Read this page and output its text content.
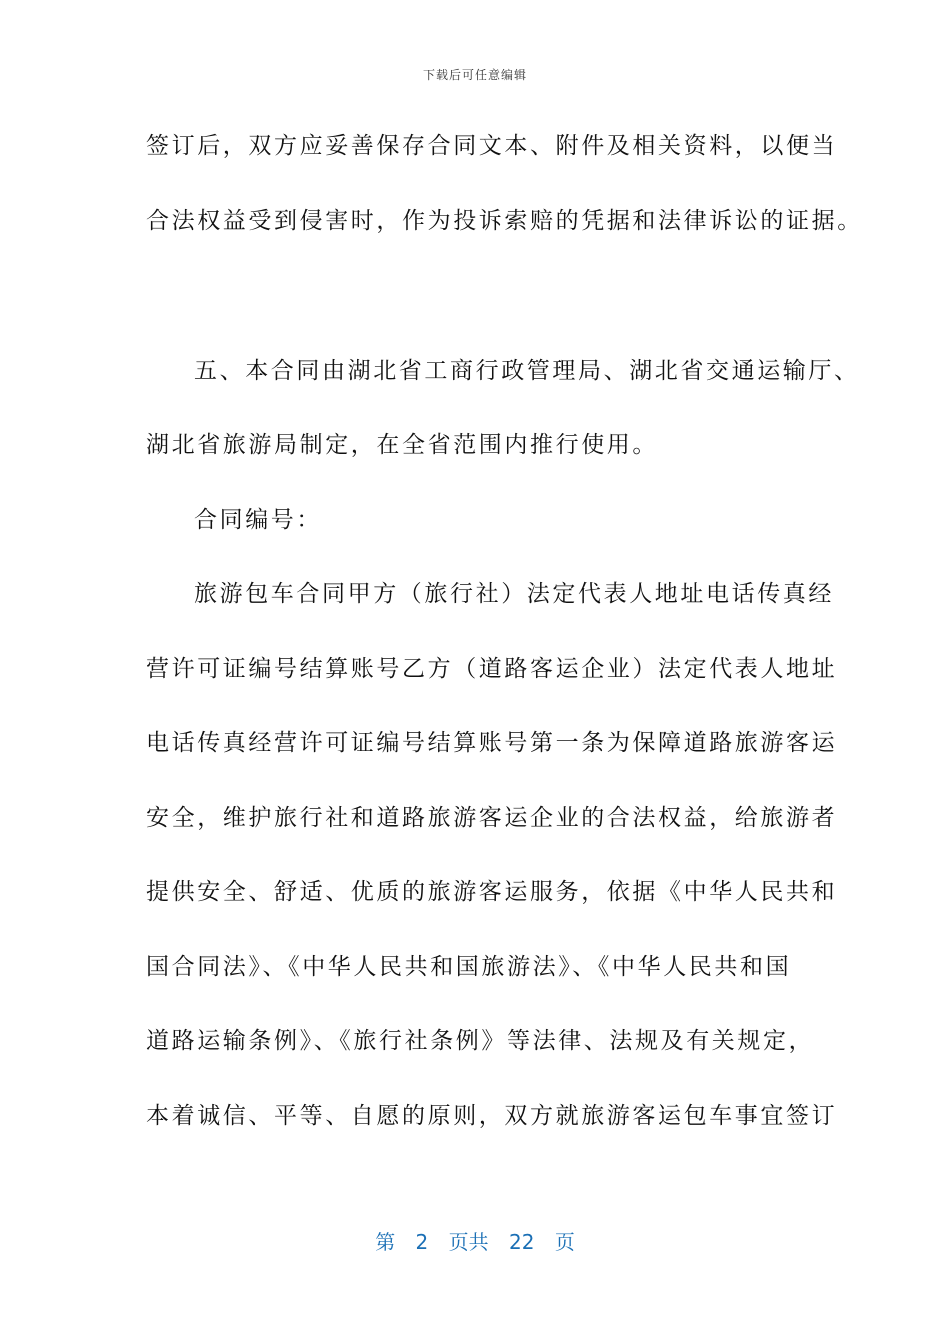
下载后可任意编辑
签订后，双方应妥善保存合同文本、附件及相关资料，以便当
合法权益受到侵害时，作为投诉索赔的凭据和法律诉讼的证据。
五、本合同由湖北省工商行政管理局、湖北省交通运输厅、
湖北省旅游局制定，在全省范围内推行使用。
合同编号：
旅游包车合同甲方（旅行社）法定代表人地址电话传真经
营许可证编号结算账号乙方（道路客运企业）法定代表人地址
电话传真经营许可证编号结算账号第一条为保障道路旅游客运
安全，维护旅行社和道路旅游客运企业的合法权益，给旅游者
提供安全、舒适、优质的旅游客运服务，依据《中华人民共和
国合同法》、《中华人民共和国旅游法》、《中华人民共和国
道路运输条例》、《旅行社条例》等法律、法规及有关规定，
本着诚信、平等、自愿的原则，双方就旅游客运包车事宜签订
第 2 页共 22 页
